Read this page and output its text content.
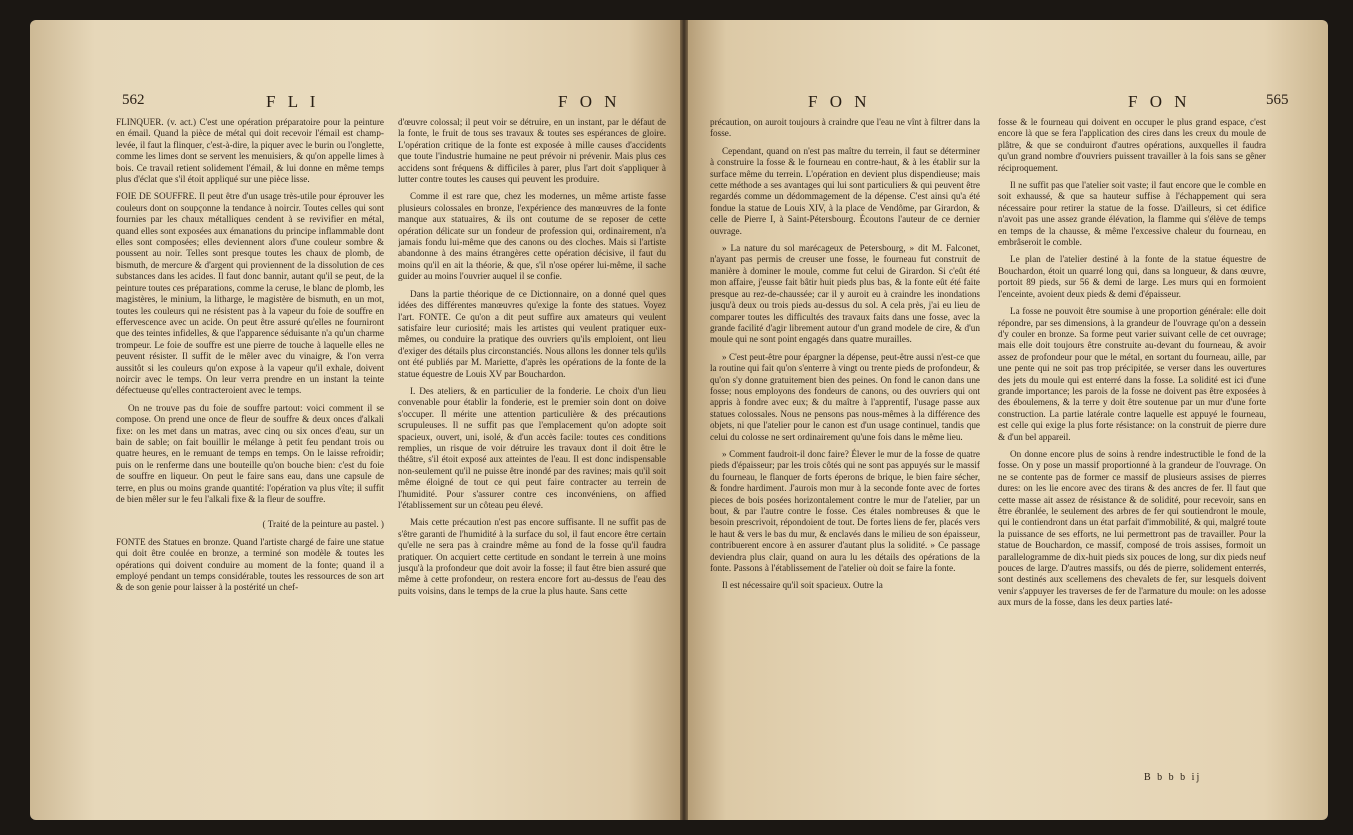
562	F L I	F O N

FLINQUER. (v. act.) C'est une opération préparatoire pour la peinture en émail. Quand la pièce de métal qui doit recevoir l'émail est champ-levée, il faut la flinquer, c'est-à-dire, la piquer avec le burin ou l'onglette, comme les limes dont se servent les menuisiers, & qu'on appelle limes à bois. Ce travail retient solidement l'émail, & lui donne en même temps plus d'éclat que s'il étoit appliqué sur une pièce lisse.

FOIE DE SOUFFRE. Il peut être d'un usage très-utile pour éprouver les couleurs dont on soupçonne la tendance à noircir. Toutes celles qui sont fournies par les chaux métalliques cendent à se revivifier en métal, quand elles sont exposées aux émanations du principe inflammable dont elles sont composées; elles deviennent alors d'une couleur sombre & poussent au noir. Telles sont presque toutes les chaux de plomb, de bismuth, de mercure & d'argent qui proviennent de la dissolution de ces substances dans les acides. Il faut donc bannir, autant qu'il se peut, de la peinture toutes ces préparations, comme la ceruse, le blanc de plomb, les magistères, le minium, la litharge, le magistère de bismuth, en un mot, toutes les couleurs qui ne résistent pas à la vapeur du foie de souffre en effervescence avec un acide. On peut être assuré qu'elles ne fourniront que des teintes infidelles, & que l'apparence séduisante n'a qu'un charme trompeur. Le foie de souffre est une pierre de touche à laquelle elles ne peuvent résister. Il suffit de le mêler avec du vinaigre, & l'on verra aussitôt si les couleurs qu'on expose à la vapeur qu'il exhale, doivent noircir avec le temps. On leur verra prendre en un instant la teinte défectueuse qu'elles contracteroient avec le temps.

On ne trouve pas du foie de souffre partout: voici comment il se compose. On prend une once de fleur de souffre & deux onces d'alkali fixe: on les met dans un matras, avec cinq ou six onces d'eau, sur un bain de sable; on fait bouillir le mélange à petit feu pendant trois ou quatre heures, en le remuant de temps en temps. On le laisse refroidir; puis on le renferme dans une bouteille qu'on bouche bien: c'est du foie de souffre en liqueur. On peut le faire sans eau, dans une capsule de terre, en plus ou moins grande quantité: l'opération va plus vîte; il suffit de bien mêler sur le feu l'alkali fixe & la fleur de souffre.

( Traité de la peinture au pastel. )

FONTE des Statues en bronze. Quand l'artiste chargé de faire une statue qui doit être coulée en bronze, a terminé son modèle & toutes les opérations qui doivent conduire au moment de la fonte; quand il a employé pendant un temps considérable, toutes les ressources de son art & de son genie pour laisser à la postérité un chef-

d'œuvre colossal; il peut voir se détruire, en un instant, par le défaut de la fonte, le fruit de tous ses travaux & toutes ses espérances de gloire. L'opération critique de la fonte est exposée à mille causes d'accidents que toute l'industrie humaine ne peut prévoir ni prévenir. Mais plus ces accidens sont fréquens & difficiles à parer, plus l'art doit s'appliquer à lutter contre toutes les causes qui peuvent les produire.

Comme il est rare que, chez les modernes, un même artiste fasse plusieurs colossales en bronze, l'expérience des manœuvres de la fonte manque aux statuaires, & ils ont coutume de se reposer de cette opération délicate sur un fondeur de profession qui, ordinairement, n'a jamais fondu lui-même que des canons ou des cloches. Mais si l'artiste abandonne à des mains étrangères cette opération décisive, il faut du moins qu'il en ait la théorie, & que, s'il n'ose opérer lui-même, il sache guider au moins l'ouvrier auquel il se confie.

Dans la partie théorique de ce Dictionnaire, on a donné quel ques idées des différentes manœuvres qu'exige la fonte des statues. Voyez l'art. FONTE. Ce qu'on a dit peut suffire aux amateurs qui veulent satisfaire leur curiosité; mais les artistes qui veulent pratiquer eux-mêmes, ou conduire la pratique des ouvriers qu'ils emploient, ont lieu d'exiger des détails plus circonstanciés. Nous allons les donner tels qu'ils ont été publiés par M. Mariette, d'après les opérations de la fonte de la statue équestre de Louis XV par Bouchardon.

I. Des ateliers, & en particulier de la fonderie. Le choix d'un lieu convenable pour établir la fonderie, est le premier soin dont on doive s'occuper. Il mérite une attention particulière & des précautions scrupuleuses. Il ne suffit pas que l'emplacement qu'on adopte soit spacieux, ouvert, uni, isolé, & d'un accès facile: toutes ces conditions remplies, un risque de voir détruire les travaux dont il doit être le théâtre, s'il étoit exposé aux atteintes de l'eau. Il est donc indispensable non-seulement qu'il ne puisse être inondé par des ravines; mais qu'il soit même éloigné de tout ce qui peut faire contracter au terrein de l'humidité. Pour s'assurer contre ces inconvéniens, on affied l'établissement sur un côteau peu élevé.

Mais cette précaution n'est pas encore suffisante. Il ne suffit pas de s'être garanti de l'humidité à la surface du sol, il faut encore être certain qu'elle ne sera pas à craindre même au fond de la fosse qu'il faudra pratiquer. On acquiert cette certitude en sondant le terrein à une moins jusqu'à la profondeur que doit avoir la fosse; il faut être bien assuré que même à cette profondeur, on restera encore fort au-dessus de l'eau des puits voisins, dans le temps de la crue la plus haute. Sans cette

F O N	F O N	565

précaution, on auroit toujours à craindre que l'eau ne vînt à filtrer dans la fosse.

Cependant, quand on n'est pas maître du terrein, il faut se déterminer à construire la fosse & le fourneau en contre-haut, & à les établir sur la surface même du terrein. L'opération en devient plus dispendieuse; mais cette méthode a ses avantages qui lui sont particuliers & qui peuvent être regardés comme un dédommagement de la dépense. C'est ainsi qu'a été fondue la statue de Louis XIV, à la place de Vendôme, par Girardon, & celle de Pierre I, à Saint-Pétersbourg. Écoutons l'auteur de ce dernier ouvrage.

» La nature du sol marécageux de Petersbourg, » dit M. Falconet, n'ayant pas permis de creuser une fosse, le fourneau fut construit de manière à dominer le moule, comme fut celui de Girardon. Si c'eût été mon affaire, j'eusse fait bâtir huit pieds plus bas, & la fonte eût été faite presque au rez-de-chaussée; car il y auroit eu à craindre les inondations jusqu'à deux ou trois pieds au-dessus du sol. A cela près, j'ai eu lieu de comparer toutes les difficultés des travaux faits dans une fosse, avec la grande facilité d'agir librement autour d'un grand modele de cire, & d'un moule qui ne sont point engagés dans quatre murailles.

» C'est peut-être pour épargner la dépense, peut-être aussi n'est-ce que la routine qui fait qu'on s'enterre à vingt ou trente pieds de profondeur, & qu'on s'y donne gratuitement bien des peines. On fond le canon dans une fosse; nous employons des fondeurs de canons, ou des ouvriers qui ont appris à fondre avec eux; & du maître à l'apprentif, l'usage passe aux statues colossales. Nous ne pensons pas nous-mêmes à la différence des objets, ni que l'atelier pour le canon est d'un usage continuel, tandis que celui du colosse ne sert ordinairement qu'une fois dans le même lieu.

» Comment faudroit-il donc faire? Élever le mur de la fosse de quatre pieds d'épaisseur; par les trois côtés qui ne sont pas appuyés sur le massif du fourneau, le flanquer de forts éperons de brique, le bien faire sécher, & fondre hardiment. J'aurois mon mur à la seconde fonte avec de fortes pieces de bois posées horizontalement contre le mur de l'atelier, par un bout, & par l'autre contre le fosse. Ces étales nombreuses & que le besoin prescrivoit, répondoient de tout. De fortes liens de fer, placés vers le haut & vers le bas du mur, & enclavés dans le milieu de son épaisseur, contribuerent encore à en assurer d'autant plus la solidité. » Ce passage deviendra plus clair, quand on aura lu les détails des opérations de la fonte. Passons à l'établissement de l'atelier où doit se faire la fonte.

Il est nécessaire qu'il soit spacieux. Outre la

fosse & le fourneau qui doivent en occuper le plus grand espace, c'est encore là que se fera l'application des cires dans les creux du moule de plâtre, & que se conduiront d'autres opérations, auxquelles il faudra qu'un grand nombre d'ouvriers puissent travailler à la fois sans se gêner réciproquement.

Il ne suffit pas que l'atelier soit vaste; il faut encore que le comble en soit exhaussé, & que sa hauteur suffise à l'échappement qui sera nécessaire pour retirer la statue de la fosse. D'ailleurs, si cet édifice n'avoit pas une assez grande élévation, la flamme qui s'élève de temps en temps de la chausse, & même l'excessive chaleur du fourneau, en embrâseroit le comble.

Le plan de l'atelier destiné à la fonte de la statue équestre de Bouchardon, étoit un quarré long qui, dans sa longueur, & dans œuvre, portoit 89 pieds, sur 56 & demi de large. Les murs qui en formoient l'enceinte, avoient deux pieds & demi d'épaisseur.

La fosse ne pouvoit être soumise à une proportion générale: elle doit répondre, par ses dimensions, à la grandeur de l'ouvrage qu'on a dessein d'y couler en bronze. Sa forme peut varier suivant celle de cet ouvrage; mais elle doit toujours être construite au-devant du fourneau, & avoir assez de profondeur pour que le métal, en sortant du fourneau, aille, par une pente qui ne soit pas trop précipitée, se verser dans les ouvertures des jets du moule qui est enterré dans la fosse. La solidité est ici d'une grande importance; les parois de la fosse ne doivent pas être exposées à des éboulemens, & la terre y doit être soutenue par un mur d'une forte construction. La partie latérale contre laquelle est appuyé le fourneau, est celle qui exige la plus forte résistance: on la construit de pierre dure & d'un bel appareil.

On donne encore plus de soins à rendre indestructible le fond de la fosse. On y pose un massif proportionné à la grandeur de l'ouvrage. On ne se contente pas de former ce massif de plusieurs assises de pierres dures: on les lie encore avec des tirans & des ancres de fer. Il faut que cette masse ait assez de résistance & de solidité, pour recevoir, sans en être ébranlée, le seulement des arbres de fer qui soutiendront le moule, qui le contiendront dans un état parfait d'immobilité, & qui, malgré toute la puissance de ses efforts, ne lui permettront pas de travailler. Pour la statue de Bouchardon, ce massif, composé de trois assises, formoit un parallelogramme de dix-huit pieds six pouces de long, sur dix pieds neuf pouces de large. D'autres massifs, ou dés de pierre, solidement enterrés, sont destinés aux scellemens des chevalets de fer, sur lesquels doivent venir s'appuyer les traverses de fer de l'armature du moule: on les adosse aux murs de la fosse, dans les deux parties laté-

B b b b ij
